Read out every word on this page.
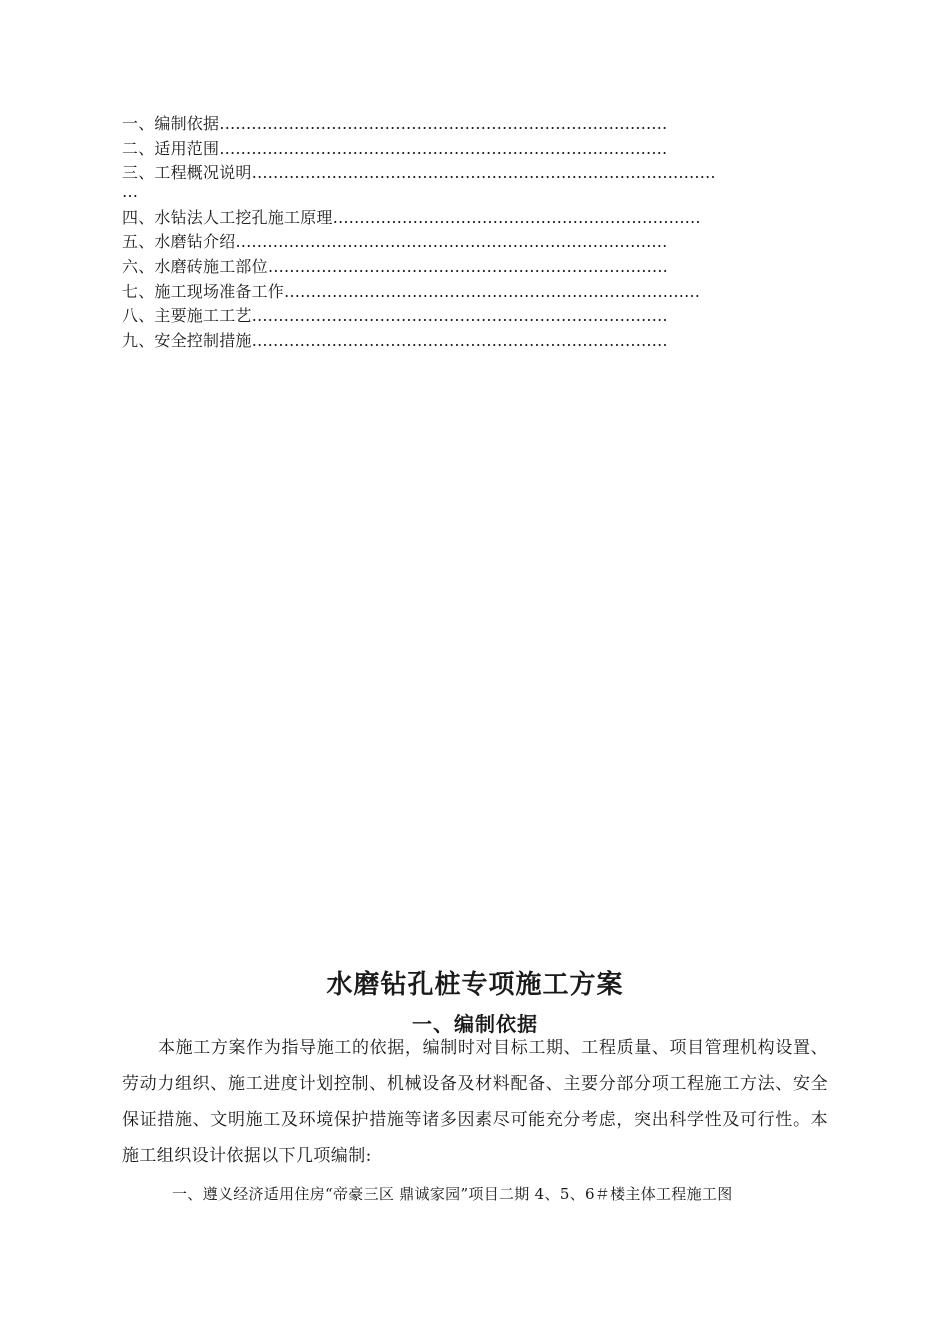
一、编制依据…………………………………………………………………………
二、适用范围…………………………………………………………………………
三、工程概况说明……………………………………………………………………………
…
四、水钻法人工挖孔施工原理……………………………………………………………
五、水磨钻介绍………………………………………………………………………
六、水磨砖施工部位…………………………………………………………………
七、施工现场准备工作……………………………………………………………………
八、主要施工工艺……………………………………………………………………
九、安全控制措施……………………………………………………………………
水磨钻孔桩专项施工方案
一、编制依据
本施工方案作为指导施工的依据，编制时对目标工期、工程质量、项目管理机构设置、劳动力组织、施工进度计划控制、机械设备及材料配备、主要分部分项工程施工方法、安全保证措施、文明施工及环境保护措施等诸多因素尽可能充分考虑，突出科学性及可行性。本施工组织设计依据以下几项编制:
一、遵义经济适用住房“帝豪三区 鼎诚家园”项目二期 4、5、6＃楼主体工程施工图
